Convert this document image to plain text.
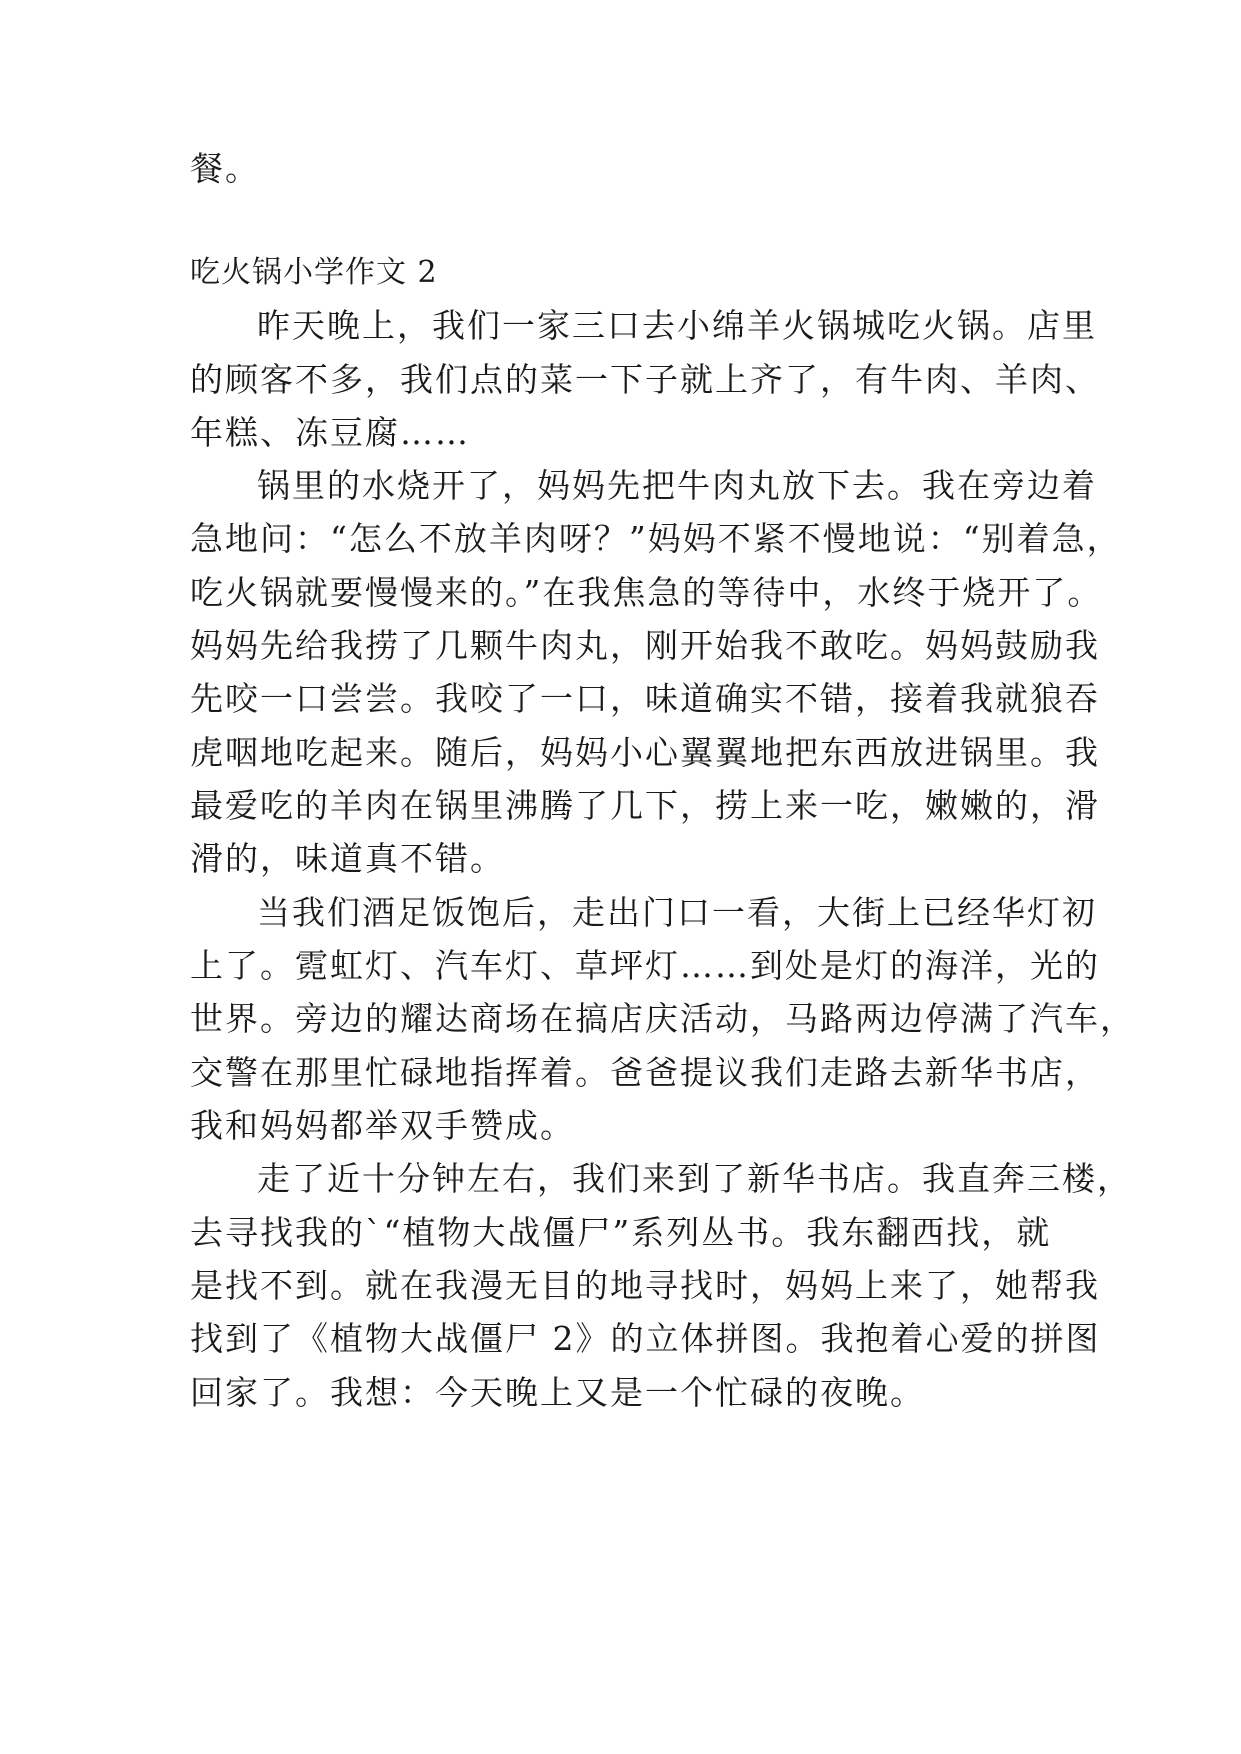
餐。
吃火锅小学作文 2
昨天晚上，我们一家三口去小绵羊火锅城吃火锅。店里
的顾客不多，我们点的菜一下子就上齐了，有牛肉、羊肉、
年糕、冻豆腐……
锅里的水烧开了，妈妈先把牛肉丸放下去。我在旁边着
急地问：“怎么不放羊肉呀？”妈妈不紧不慢地说：“别着急，
吃火锅就要慢慢来的。”在我焦急的等待中，水终于烧开了。
妈妈先给我捞了几颗牛肉丸，刚开始我不敢吃。妈妈鼓励我
先咬一口尝尝。我咬了一口，味道确实不错，接着我就狼吞
虎咽地吃起来。随后，妈妈小心翼翼地把东西放进锅里。我
最爱吃的羊肉在锅里沸腾了几下，捞上来一吃，嫩嫩的，滑
滑的，味道真不错。
当我们酒足饭饱后，走出门口一看，大街上已经华灯初
上了。霓虹灯、汽车灯、草坪灯……到处是灯的海洋，光的
世界。旁边的耀达商场在搞店庆活动，马路两边停满了汽车，
交警在那里忙碌地指挥着。爸爸提议我们走路去新华书店，
我和妈妈都举双手赞成。
走了近十分钟左右，我们来到了新华书店。我直奔三楼，
去寻找我的`“植物大战僵尸”系列丛书。我东翻西找，就
是找不到。就在我漫无目的地寻找时，妈妈上来了，她帮我
找到了《植物大战僵尸 2》的立体拼图。我抱着心爱的拼图
回家了。我想：今天晚上又是一个忙碌的夜晚。
